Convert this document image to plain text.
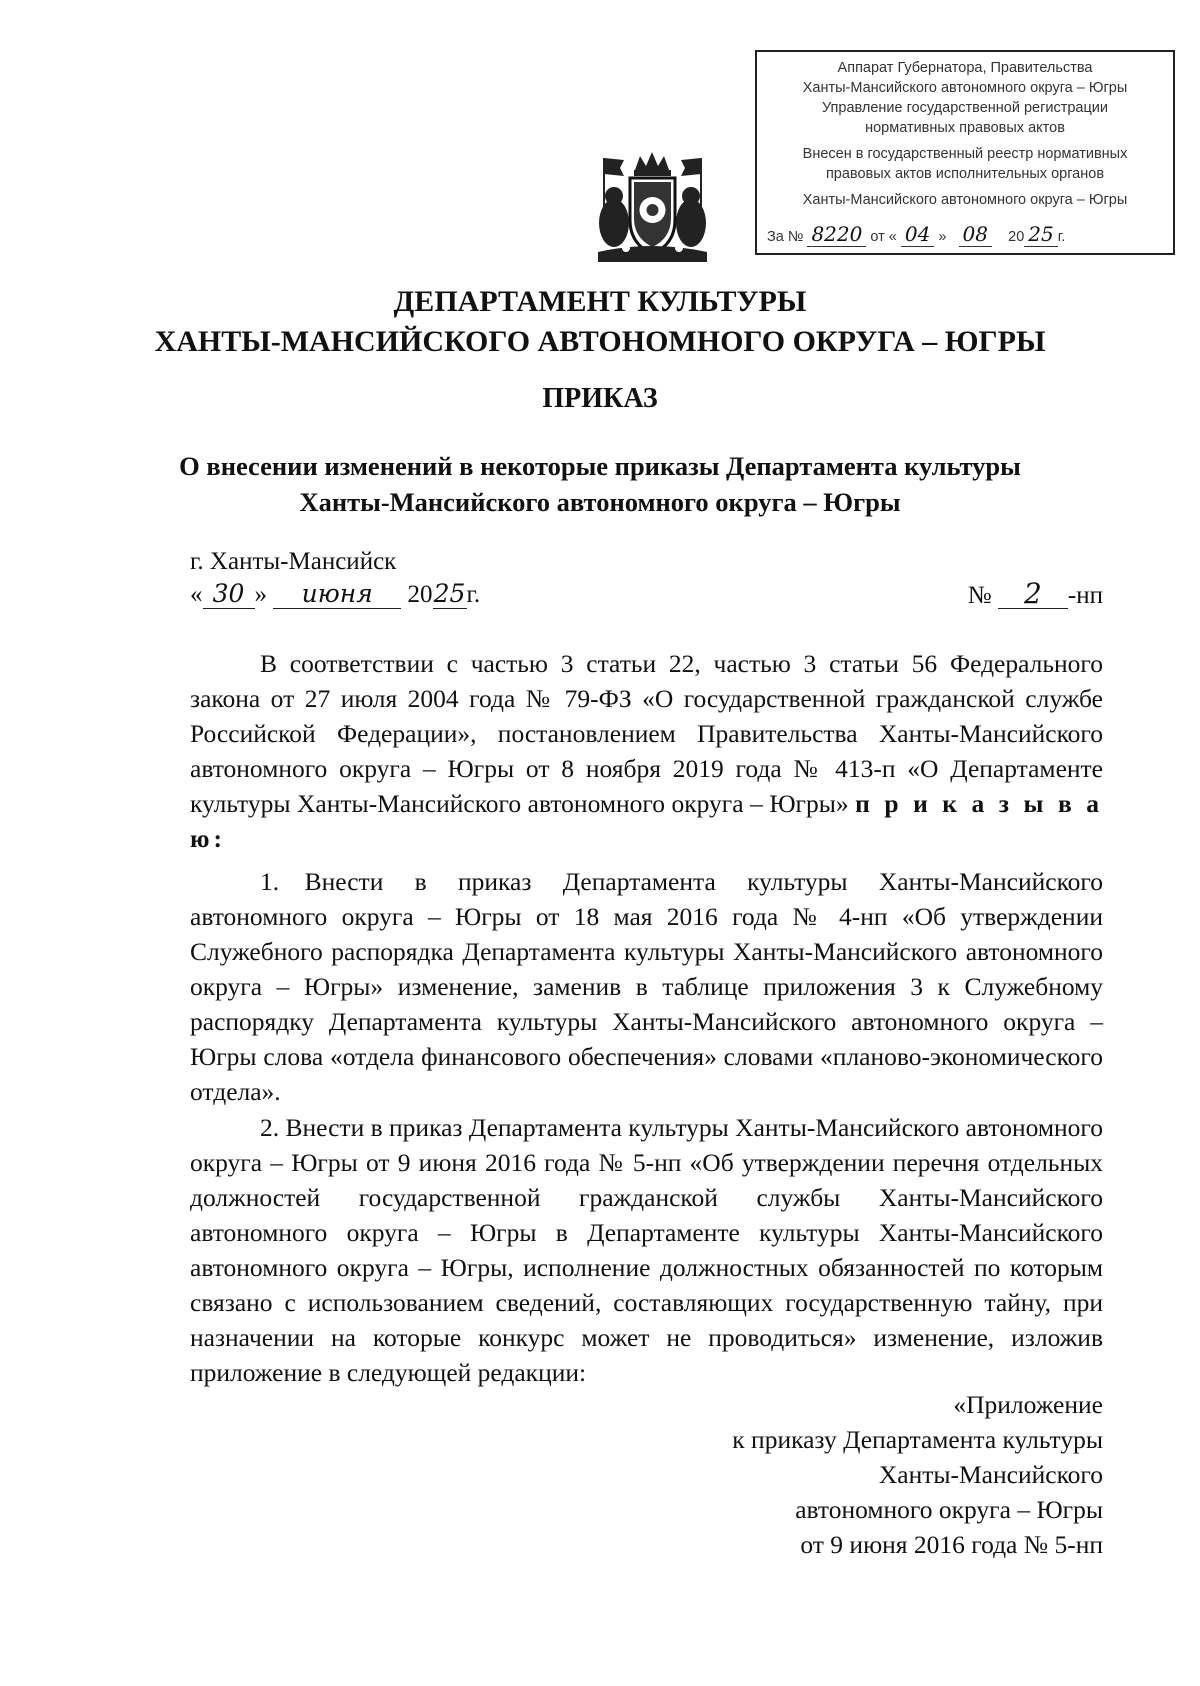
Аппарат Губернатора, Правительства
Ханты-Мансийского автономного округа – Югры
Управление государственной регистрации
нормативных правовых актов
Внесен в государственный реестр нормативных
правовых актов исполнительных органов
Ханты-Мансийского автономного округа – Югры
За № 8220 от « 04 » 08 20 25 г.
ДЕПАРТАМЕНТ КУЛЬТУРЫ
ХАНТЫ-МАНСИЙСКОГО АВТОНОМНОГО ОКРУГА – ЮГРЫ
ПРИКАЗ
О внесении изменений в некоторые приказы Департамента культуры
Ханты-Мансийского автономного округа – Югры
г. Ханты-Мансийск
« 30 » июня 2025г.	№ 2 -нп
В соответствии с частью 3 статьи 22, частью 3 статьи 56 Федерального закона от 27 июля 2004 года № 79-ФЗ «О государственной гражданской службе Российской Федерации», постановлением Правительства Ханты-Мансийского автономного округа – Югры от 8 ноября 2019 года № 413-п «О Департаменте культуры Ханты-Мансийского автономного округа – Югры» п р и к а з ы в а ю:
1. Внести в приказ Департамента культуры Ханты-Мансийского автономного округа – Югры от 18 мая 2016 года № 4-нп «Об утверждении Служебного распорядка Департамента культуры Ханты-Мансийского автономного округа – Югры» изменение, заменив в таблице приложения 3 к Служебному распорядку Департамента культуры Ханты-Мансийского автономного округа – Югры слова «отдела финансового обеспечения» словами «планово-экономического отдела».
2. Внести в приказ Департамента культуры Ханты-Мансийского автономного округа – Югры от 9 июня 2016 года № 5-нп «Об утверждении перечня отдельных должностей государственной гражданской службы Ханты-Мансийского автономного округа – Югры в Департаменте культуры Ханты-Мансийского автономного округа – Югры, исполнение должностных обязанностей по которым связано с использованием сведений, составляющих государственную тайну, при назначении на которые конкурс может не проводиться» изменение, изложив приложение в следующей редакции:
«Приложение
к приказу Департамента культуры
Ханты-Мансийского
автономного округа – Югры
от 9 июня 2016 года № 5-нп
